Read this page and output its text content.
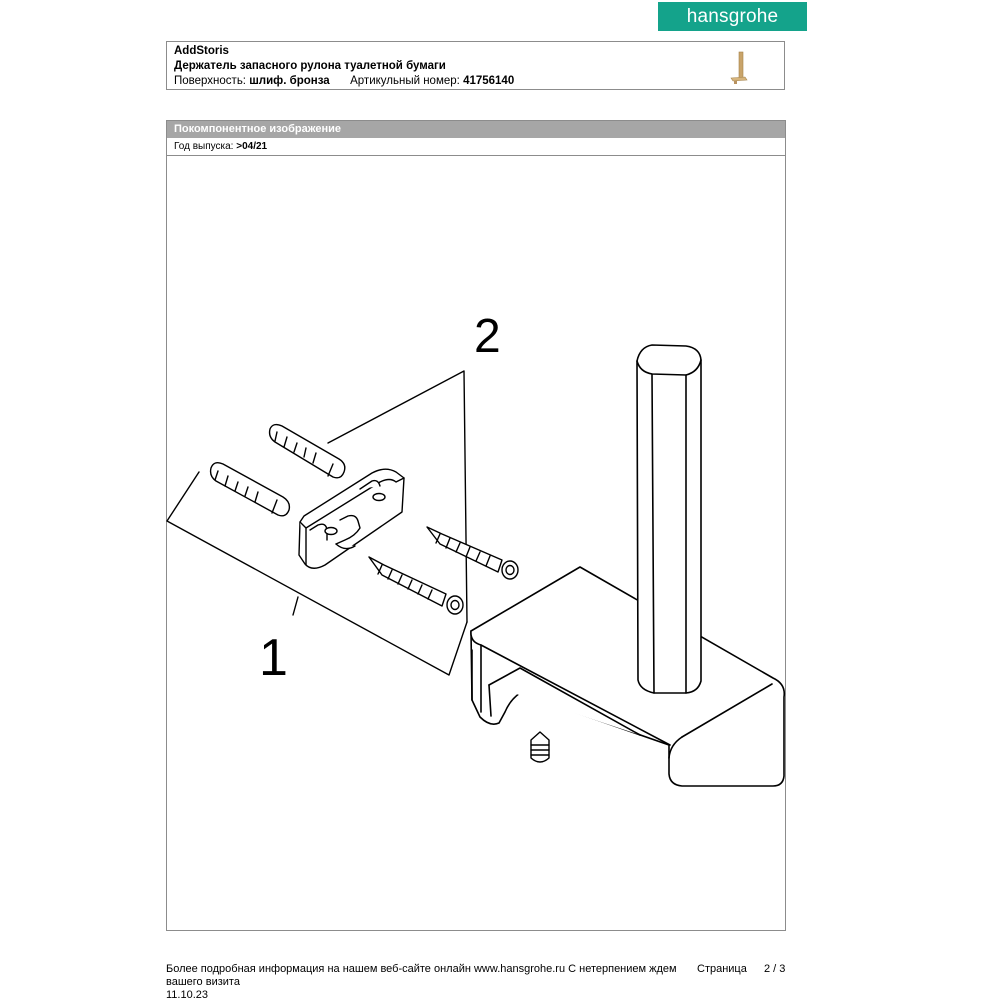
hansgrohe
AddStoris
Держатель запасного рулона туалетной бумаги
Поверхность: шлиф. бронза Артикульный номер: 41756140
Покомпонентное изображение
Год выпуска: >04/21
2
1
Более подробная информация на нашем веб-сайте онлайн www.hansgrohe.ru С нетерпением ждем Страница 2 / 3
вашего визита
11.10.23
